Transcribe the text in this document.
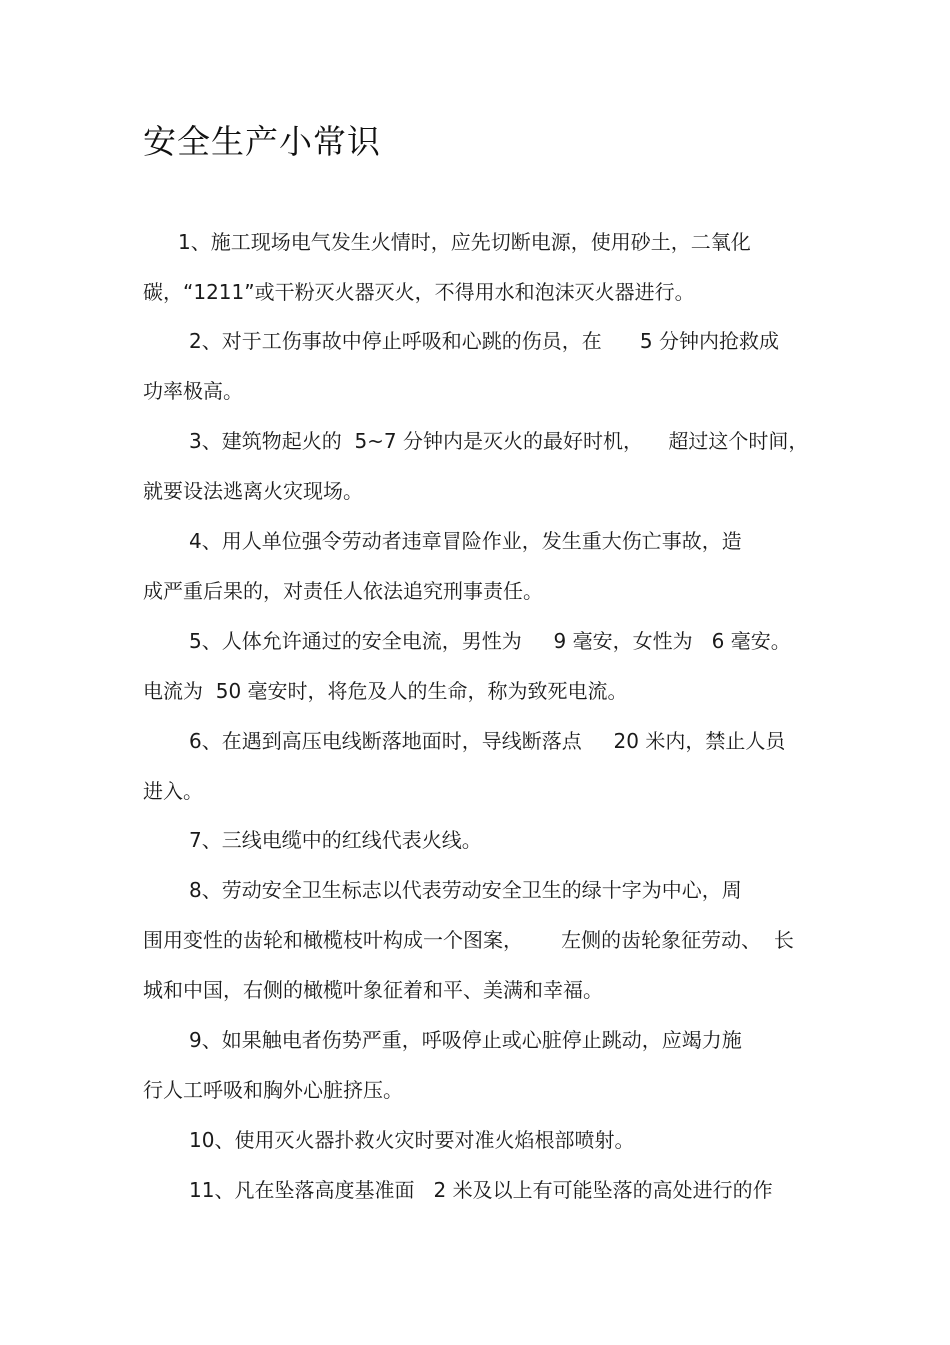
安全生产小常识
1、施工现场电气发生火情时，应先切断电源，使用砂土，二氧化
碳，“1211”或干粉灭火器灭火，不得用水和泡沫灭火器进行。
2、对于工伤事故中停止呼吸和心跳的伤员，在      5 分钟内抢救成
功率极高。
3、建筑物起火的  5~7 分钟内是灭火的最好时机，    超过这个时间，
就要设法逃离火灾现场。
4、用人单位强令劳动者违章冒险作业，发生重大伤亡事故，造
成严重后果的，对责任人依法追究刑事责任。
5、人体允许通过的安全电流，男性为     9 毫安，女性为   6 毫安。
电流为  50 毫安时，将危及人的生命，称为致死电流。
6、在遇到高压电线断落地面时，导线断落点     20 米内，禁止人员
进入。
7、三线电缆中的红线代表火线。
8、劳动安全卫生标志以代表劳动安全卫生的绿十字为中心，周
围用变性的齿轮和橄榄枝叶构成一个图案，      左侧的齿轮象征劳动、  长
城和中国，右侧的橄榄叶象征着和平、美满和幸福。
9、如果触电者伤势严重，呼吸停止或心脏停止跳动，应竭力施
行人工呼吸和胸外心脏挤压。
10、使用灭火器扑救火灾时要对准火焰根部喷射。
11、凡在坠落高度基准面   2 米及以上有可能坠落的高处进行的作
